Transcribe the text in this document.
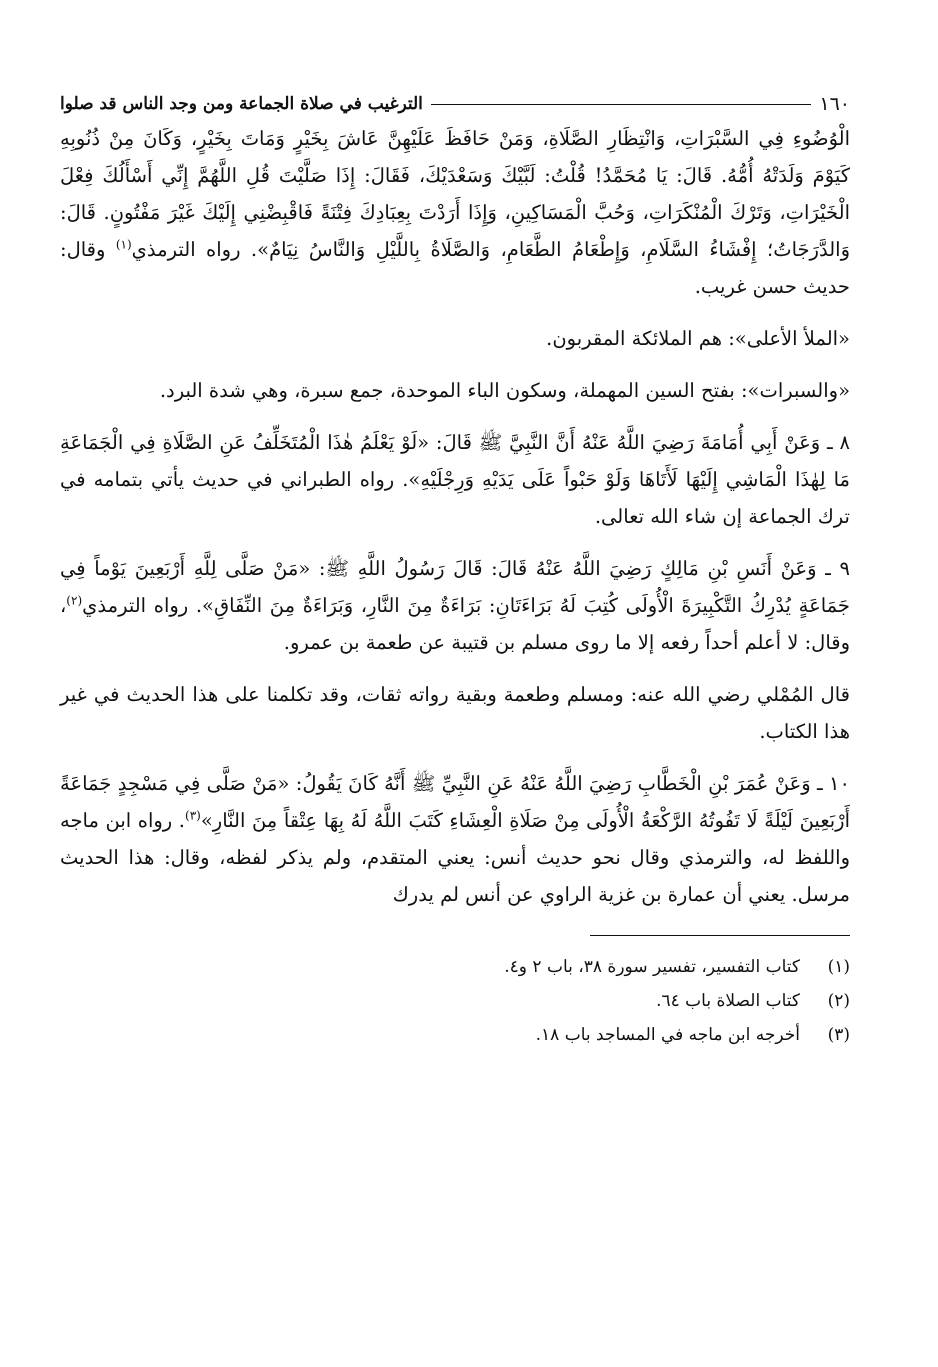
١٦٠
الترغيب في صلاة الجماعة ومن وجد الناس قد صلوا

الْوُضُوءِ فِي السَّبْرَاتِ، وَانْتِظَارِ الصَّلَاةِ، وَمَنْ حَافَظَ عَلَيْهِنَّ عَاشَ بِخَيْرٍ وَمَاتَ بِخَيْرٍ، وَكَانَ مِنْ ذُنُوبِهِ كَيَوْمَ وَلَدَتْهُ أُمُّهُ. قَالَ: يَا مُحَمَّدُ! قُلْتُ: لَبَّيْكَ وَسَعْدَيْكَ، فَقَالَ: إِذَا صَلَّيْتَ قُلِ اللَّهُمَّ إِنِّي أَسْأَلُكَ فِعْلَ الْخَيْرَاتِ، وَتَرْكَ الْمُنْكَرَاتِ، وَحُبَّ الْمَسَاكِينِ، وَإِذَا أَرَدْتَ بِعِبَادِكَ فِتْنَةً فَاقْبِضْنِي إِلَيْكَ غَيْرَ مَفْتُونٍ. قَالَ: وَالدَّرَجَاتُ؛ إِفْشَاءُ السَّلَامِ، وَإِطْعَامُ الطَّعَامِ، وَالصَّلَاةُ بِاللَّيْلِ وَالنَّاسُ نِيَامٌ». رواه الترمذي$^{(١)}$ وقال: حديث حسن غريب.

«الملأ الأعلى»: هم الملائكة المقربون.

«والسبرات»: بفتح السين المهملة، وسكون الباء الموحدة، جمع سبرة، وهي شدة البرد.

٨ ـ وَعَنْ أَبِي أُمَامَةَ رَضِيَ اللَّهُ عَنْهُ أَنَّ النَّبِيَّ ﷺ قَالَ: «لَوْ يَعْلَمُ هٰذَا الْمُتَخَلِّفُ عَنِ الصَّلَاةِ فِي الْجَمَاعَةِ مَا لِهٰذَا الْمَاشِي إِلَيْهَا لَأَتَاهَا وَلَوْ حَبْواً عَلَى يَدَيْهِ وَرِجْلَيْهِ». رواه الطبراني في حديث يأتي بتمامه في ترك الجماعة إن شاء الله تعالى.

٩ ـ وَعَنْ أَنَسِ بْنِ مَالِكٍ رَضِيَ اللَّهُ عَنْهُ قَالَ: قَالَ رَسُولُ اللَّهِ ﷺ: «مَنْ صَلَّى لِلَّهِ أَرْبَعِينَ يَوْماً فِي جَمَاعَةٍ يُدْرِكُ التَّكْبِيرَةَ الْأُولَى كُتِبَ لَهُ بَرَاءَتَانِ: بَرَاءَةٌ مِنَ النَّارِ، وَبَرَاءَةٌ مِنَ النِّفَاقِ». رواه الترمذي$^{(٢)}$، وقال: لا أعلم أحداً رفعه إلا ما روى مسلم بن قتيبة عن طعمة بن عمرو.

قال المُمْلي رضي الله عنه: ومسلم وطعمة وبقية رواته ثقات، وقد تكلمنا على هذا الحديث في غير هذا الكتاب.

١٠ ـ وَعَنْ عُمَرَ بْنِ الْخَطَّابِ رَضِيَ اللَّهُ عَنْهُ عَنِ النَّبِيِّ ﷺ أَنَّهُ كَانَ يَقُولُ: «مَنْ صَلَّى فِي مَسْجِدٍ جَمَاعَةً أَرْبَعِينَ لَيْلَةً لَا تَفُوتُهُ الرَّكْعَةُ الْأُولَى مِنْ صَلَاةِ الْعِشَاءِ كَتَبَ اللَّهُ لَهُ بِهَا عِتْقاً مِنَ النَّارِ»$^{(٣)}$. رواه ابن ماجه واللفظ له، والترمذي وقال نحو حديث أنس: يعني المتقدم، ولم يذكر لفظه، وقال: هذا الحديث مرسل. يعني أن عمارة بن غزية الراوي عن أنس لم يدرك

(١)
كتاب التفسير، تفسير سورة ٣٨، باب ٢ و٤.
(٢)
كتاب الصلاة باب ٦٤.
(٣)
أخرجه ابن ماجه في المساجد باب ١٨.
